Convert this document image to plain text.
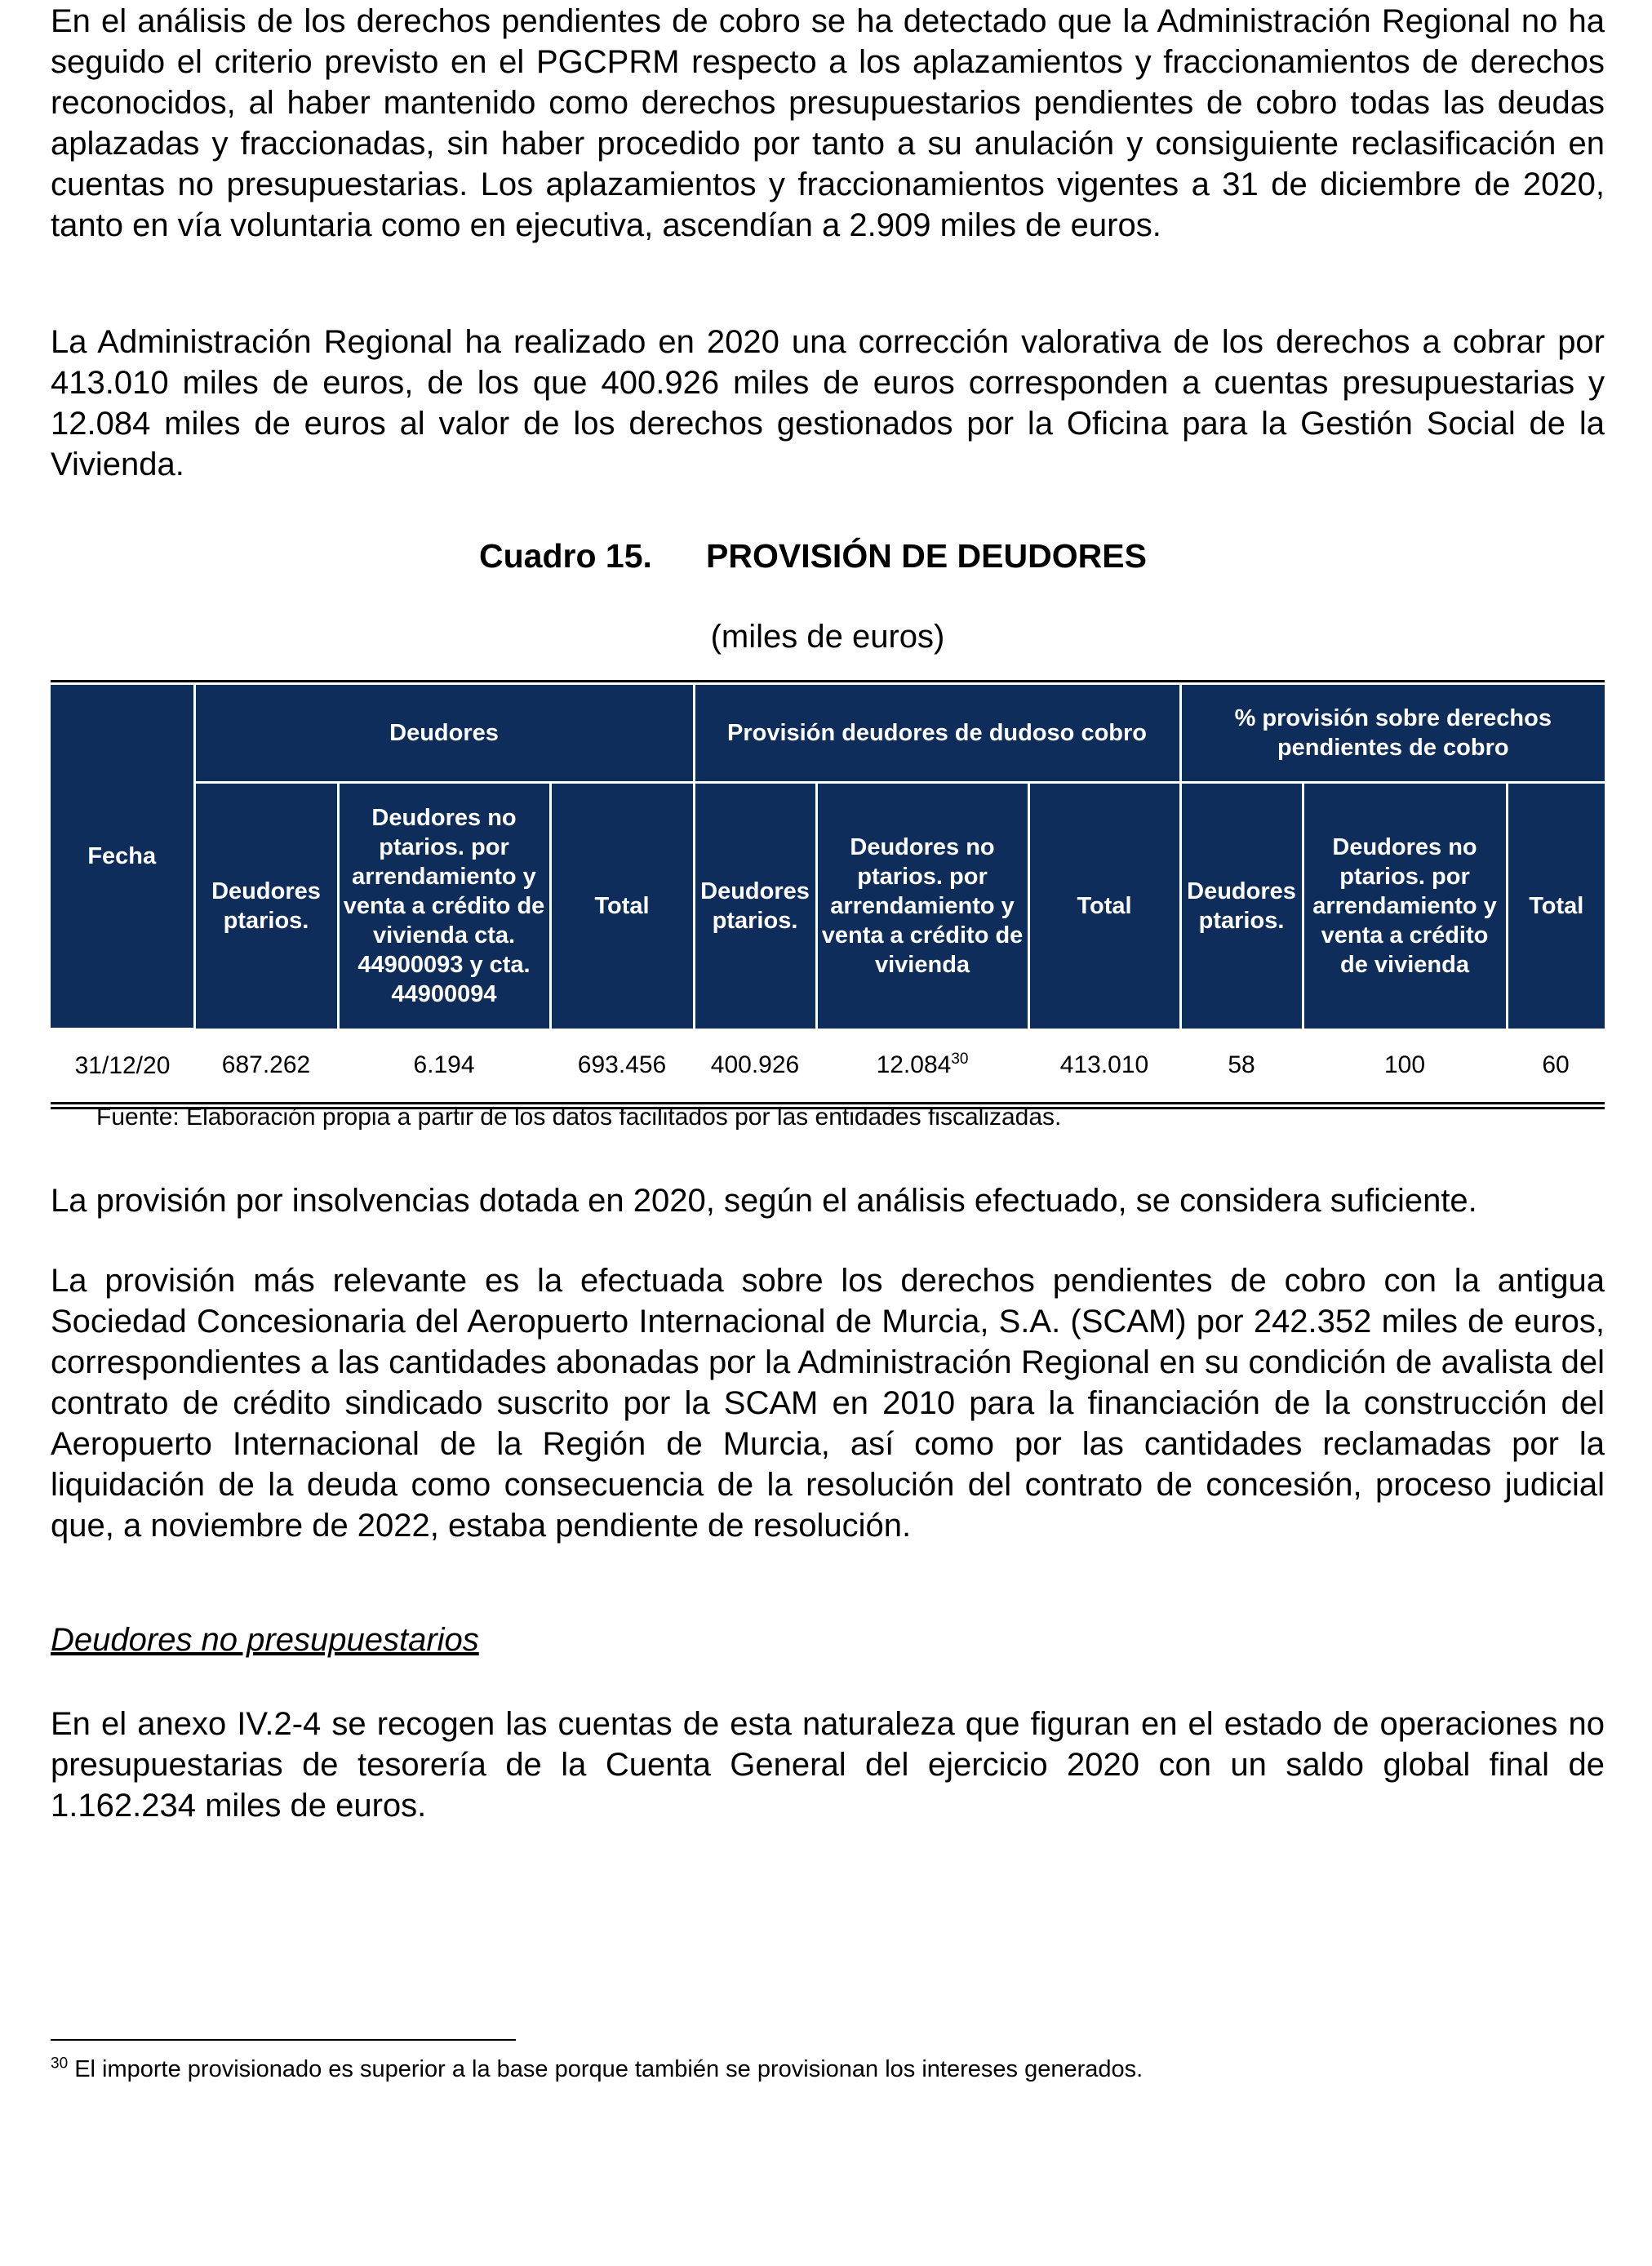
En el análisis de los derechos pendientes de cobro se ha detectado que la Administración Regional no ha seguido el criterio previsto en el PGCPRM respecto a los aplazamientos y fraccionamientos de derechos reconocidos, al haber mantenido como derechos presupuestarios pendientes de cobro todas las deudas aplazadas y fraccionadas, sin haber procedido por tanto a su anulación y consiguiente reclasificación en cuentas no presupuestarias. Los aplazamientos y fraccionamientos vigentes a 31 de diciembre de 2020, tanto en vía voluntaria como en ejecutiva, ascendían a 2.909 miles de euros.

La Administración Regional ha realizado en 2020 una corrección valorativa de los derechos a cobrar por 413.010 miles de euros, de los que 400.926 miles de euros corresponden a cuentas presupuestarias y 12.084 miles de euros al valor de los derechos gestionados por la Oficina para la Gestión Social de la Vivienda.

Cuadro 15. PROVISIÓN DE DEUDORES
(miles de euros)
Fecha	Deudores			Provisión deudores de dudoso cobro			% provisión sobre derechos pendientes de cobro		
	Deudores ptarios.	Deudores no ptarios. por arrendamiento y venta a crédito de vivienda cta. 44900093 y cta. 44900094	Total	Deudores ptarios.	Deudores no ptarios. por arrendamiento y venta a crédito de vivienda	Total	Deudores ptarios.	Deudores no ptarios. por arrendamiento y venta a crédito de vivienda	Total
31/12/20	687.262	6.194	693.456	400.926	12.084$^{30}$	413.010	58	100	60
Fuente: Elaboración propia a partir de los datos facilitados por las entidades fiscalizadas.

La provisión por insolvencias dotada en 2020, según el análisis efectuado, se considera suficiente.

La provisión más relevante es la efectuada sobre los derechos pendientes de cobro con la antigua Sociedad Concesionaria del Aeropuerto Internacional de Murcia, S.A. (SCAM) por 242.352 miles de euros, correspondientes a las cantidades abonadas por la Administración Regional en su condición de avalista del contrato de crédito sindicado suscrito por la SCAM en 2010 para la financiación de la construcción del Aeropuerto Internacional de la Región de Murcia, así como por las cantidades reclamadas por la liquidación de la deuda como consecuencia de la resolución del contrato de concesión, proceso judicial que, a noviembre de 2022, estaba pendiente de resolución.

Deudores no presupuestarios

En el anexo IV.2-4 se recogen las cuentas de esta naturaleza que figuran en el estado de operaciones no presupuestarias de tesorería de la Cuenta General del ejercicio 2020 con un saldo global final de 1.162.234 miles de euros.

$^{30}$ El importe provisionado es superior a la base porque también se provisionan los intereses generados.
